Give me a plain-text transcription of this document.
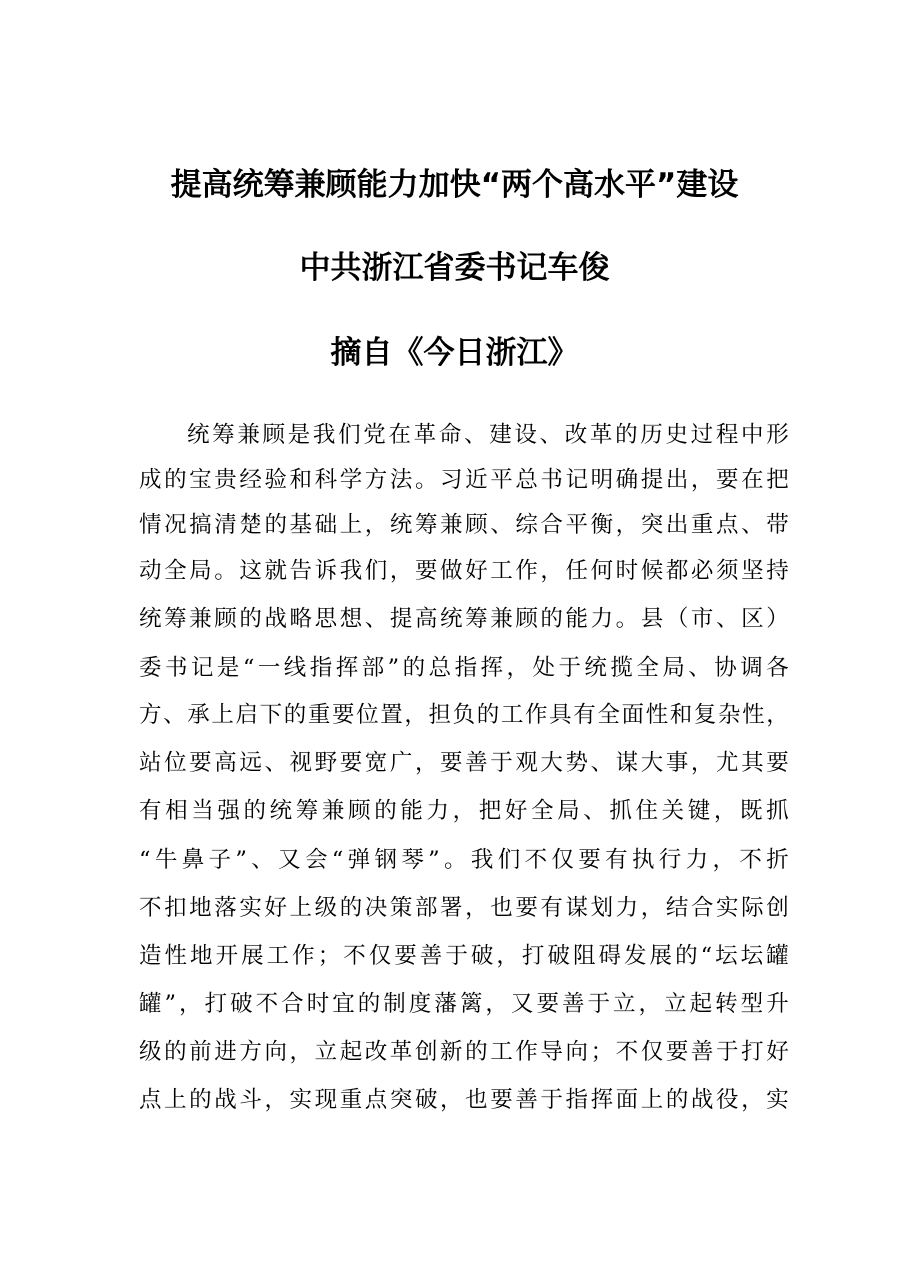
提高统筹兼顾能力加快“两个高水平”建设
中共浙江省委书记车俊
摘自《今日浙江》
统筹兼顾是我们党在革命、建设、改革的历史过程中形
成的宝贵经验和科学方法。习近平总书记明确提出，要在把
情况搞清楚的基础上，统筹兼顾、综合平衡，突出重点、带
动全局。这就告诉我们，要做好工作，任何时候都必须坚持
统筹兼顾的战略思想、提高统筹兼顾的能力。县（市、区）
委书记是“一线指挥部”的总指挥，处于统揽全局、协调各
方、承上启下的重要位置，担负的工作具有全面性和复杂性，
站位要高远、视野要宽广，要善于观大势、谋大事，尤其要
有相当强的统筹兼顾的能力，把好全局、抓住关键，既抓
“牛鼻子”、又会“弹钢琴”。我们不仅要有执行力，不折
不扣地落实好上级的决策部署，也要有谋划力，结合实际创
造性地开展工作；不仅要善于破，打破阻碍发展的“坛坛罐
罐”，打破不合时宜的制度藩篱，又要善于立，立起转型升
级的前进方向，立起改革创新的工作导向；不仅要善于打好
点上的战斗，实现重点突破，也要善于指挥面上的战役，实
